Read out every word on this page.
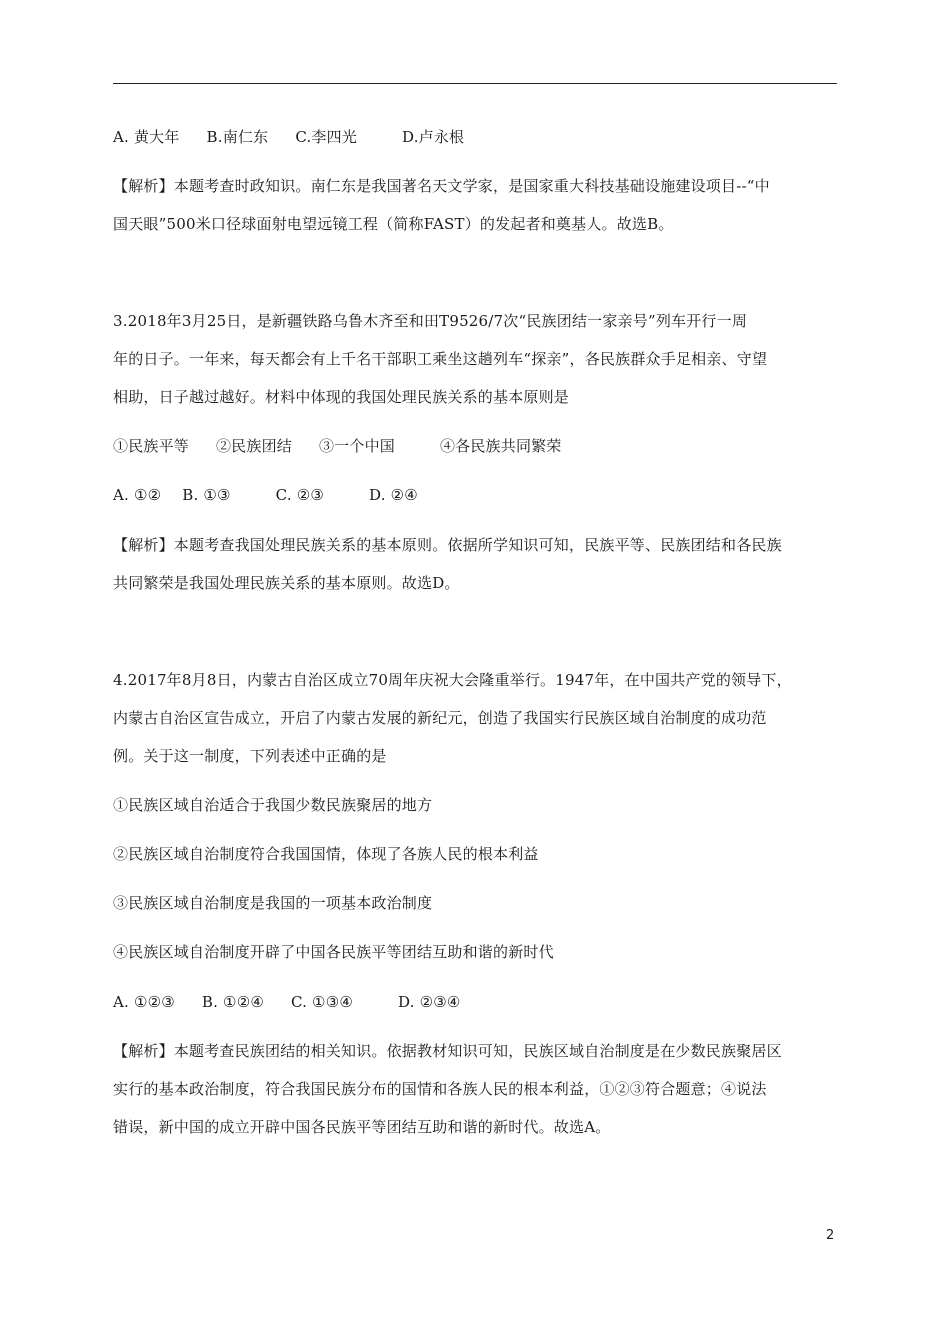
A. 黄大年 B.南仁东 C.李四光	D.卢永根
【解析】本题考查时政知识。南仁东是我国著名天文学家，是国家重大科技基础设施建设项目--“中
国天眼”500米口径球面射电望远镜工程（简称FAST）的发起者和奠基人。故选B。
3.2018年3月25日，是新疆铁路乌鲁木齐至和田T9526/7次“民族团结一家亲号”列车开行一周
年的日子。一年来，每天都会有上千名干部职工乘坐这趟列车“探亲”，各民族群众手足相亲、守望
相助，日子越过越好。材料中体现的我国处理民族关系的基本原则是
①民族平等 ②民族团结 ③一个中国	④各民族共同繁荣
A. ①② B. ①③	C. ②③	D. ②④
【解析】本题考查我国处理民族关系的基本原则。依据所学知识可知，民族平等、民族团结和各民族
共同繁荣是我国处理民族关系的基本原则。故选D。
4.2017年8月8日，内蒙古自治区成立70周年庆祝大会隆重举行。1947年，在中国共产党的领导下，
内蒙古自治区宣告成立，开启了内蒙古发展的新纪元，创造了我国实行民族区域自治制度的成功范
例。关于这一制度，下列表述中正确的是
①民族区域自治适合于我国少数民族聚居的地方
②民族区域自治制度符合我国国情，体现了各族人民的根本利益
③民族区域自治制度是我国的一项基本政治制度
④民族区域自治制度开辟了中国各民族平等团结互助和谐的新时代
A. ①②③ B. ①②④ C. ①③④	D. ②③④
【解析】本题考查民族团结的相关知识。依据教材知识可知，民族区域自治制度是在少数民族聚居区
实行的基本政治制度，符合我国民族分布的国情和各族人民的根本利益，①②③符合题意；④说法
错误，新中国的成立开辟中国各民族平等团结互助和谐的新时代。故选A。
2
